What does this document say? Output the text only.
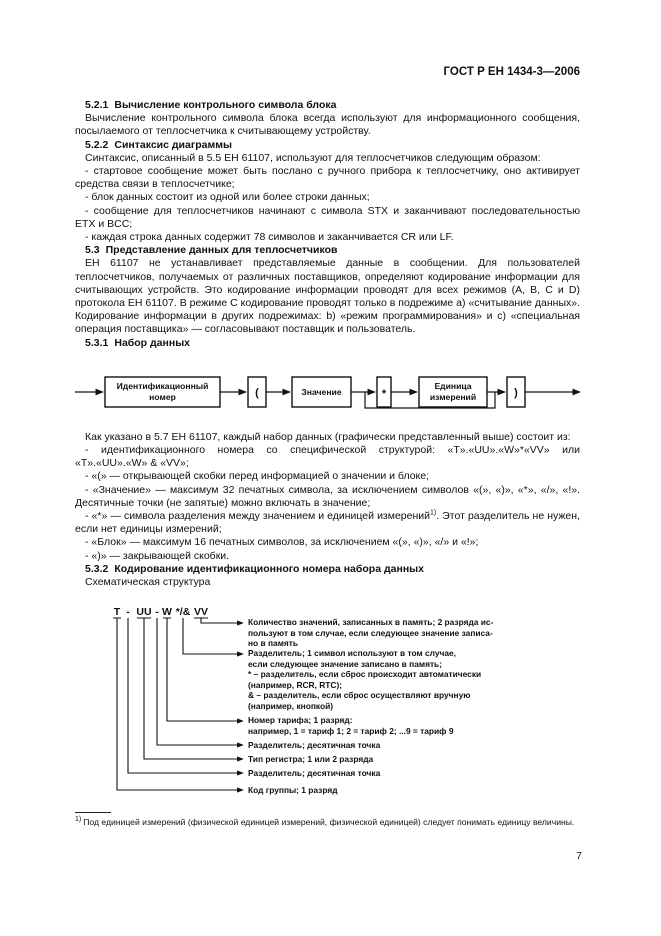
ГОСТ Р ЕН 1434-3—2006

5.2.1 Вычисление контрольного символа блока

Вычисление контрольного символа блока всегда используют для информационного сообщения, посылаемого от теплосчетчика к считывающему устройству.

5.2.2 Синтаксис диаграммы

Синтаксис, описанный в 5.5 ЕН 61107, используют для теплосчетчиков следующим образом:

- стартовое сообщение может быть послано с ручного прибора к теплосчетчику, оно активирует средства связи в теплосчетчике;

- блок данных состоит из одной или более строки данных;

- сообщение для теплосчетчиков начинают с символа STX и заканчивают последовательностью ETX и BCC;

- каждая строка данных содержит 78 символов и заканчивается CR или LF.

5.3 Представление данных для теплосчетчиков

ЕН 61107 не устанавливает представляемые данные в сообщении. Для пользователей теплосчетчиков, получаемых от различных поставщиков, определяют кодирование информации для считывающих устройств. Это кодирование информации проводят для всех режимов (А, В, С и D) протокола ЕН 61107. В режиме С кодирование проводят только в подрежиме а) «считывание данных». Кодирование информации в других подрежимах: b) «режим программирования» и с) «специальная операция поставщика» — согласовывают поставщик и пользователь.

5.3.1 Набор данных

Как указано в 5.7 ЕН 61107, каждый набор данных (графически представленный выше) состоит из:

- идентификационного номера со специфической структурой: «T».«UU».«W»*«VV» или «T».«UU».«W» & «VV»;

- «(» — открывающей скобки перед информацией о значении и блоке;

- «Значение» — максимум 32 печатных символа, за исключением символов «(», «)», «*», «/», «!». Десятичные точки (не запятые) можно включать в значение;

- «*» — символа разделения между значением и единицей измерений$^{1)}$. Этот разделитель не нужен, если нет единицы измерений;

- «Блок» — максимум 16 печатных символов, за исключением «(», «)», «/» и «!»;

- «)» — закрывающей скобки.

5.3.2 Кодирование идентификационного номера набора данных

Схематическая структура

Идентификационный
номер	(	Значение	*
Единица
измерений	)
T - UU - W */& VV
Количество значений, записанных в память; 2 разряда ис-
пользуют в том случае, если следующее значение записа-
но в память
Разделитель; 1 символ используют в том случае,
если следующее значение записано в память;
* – разделитель, если сброс происходит автоматически
(например, RCR, RTC);
& – разделитель, если сброс осуществляют вручную
(например, кнопкой)
Номер тарифа; 1 разряд:
например, 1 = тариф 1; 2 = тариф 2; ...9 = тариф 9
Разделитель; десятичная точка
Тип регистра; 1 или 2 разряда
Разделитель; десятичная точка
Код группы; 1 разряд
$^{1)}$ Под единицей измерений (физической единицей измерений, физической единицей) следует понимать единицу величины.
7
